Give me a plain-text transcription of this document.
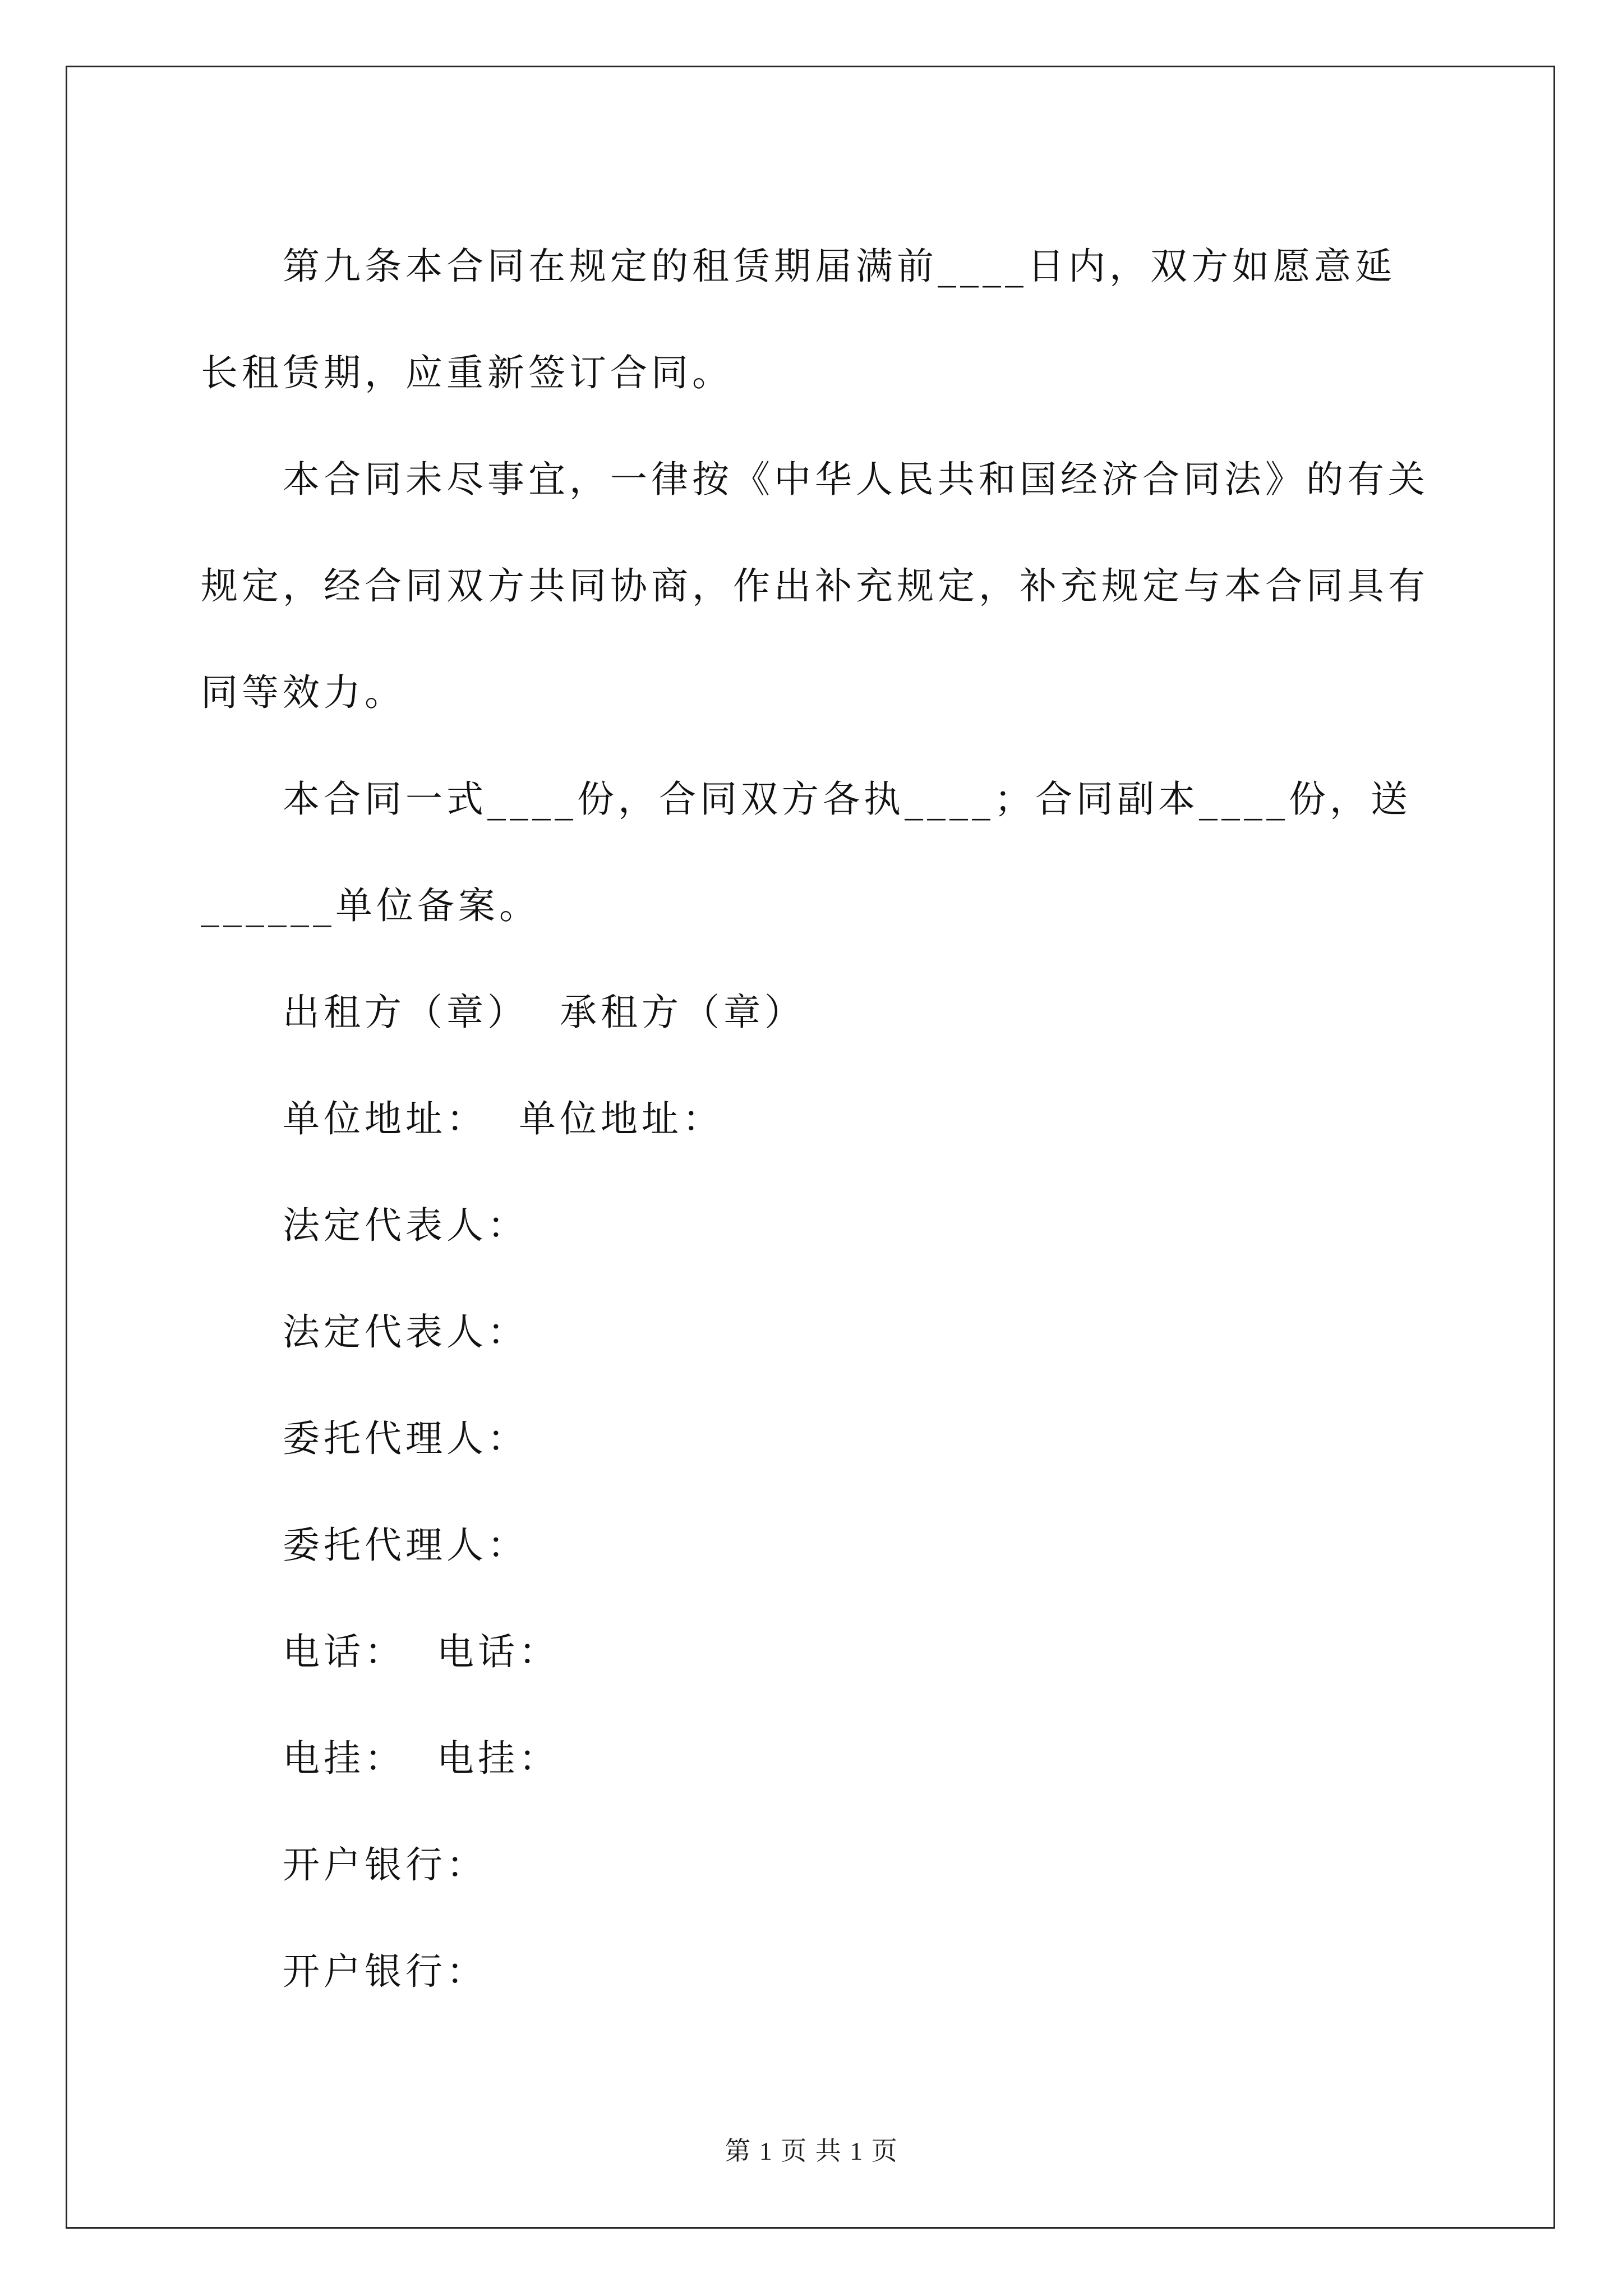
第九条本合同在规定的租赁期届满前____日内，双方如愿意延长租赁期，应重新签订合同。

本合同未尽事宜，一律按《中华人民共和国经济合同法》的有关规定，经合同双方共同协商，作出补充规定，补充规定与本合同具有同等效力。

本合同一式____份，合同双方各执____；合同副本____份，送______单位备案。

出租方（章）  承租方（章）

单位地址：  单位地址：

法定代表人：

法定代表人：

委托代理人：

委托代理人：

电话：  电话：

电挂：  电挂：

开户银行：

开户银行：

第 1 页 共 1 页
